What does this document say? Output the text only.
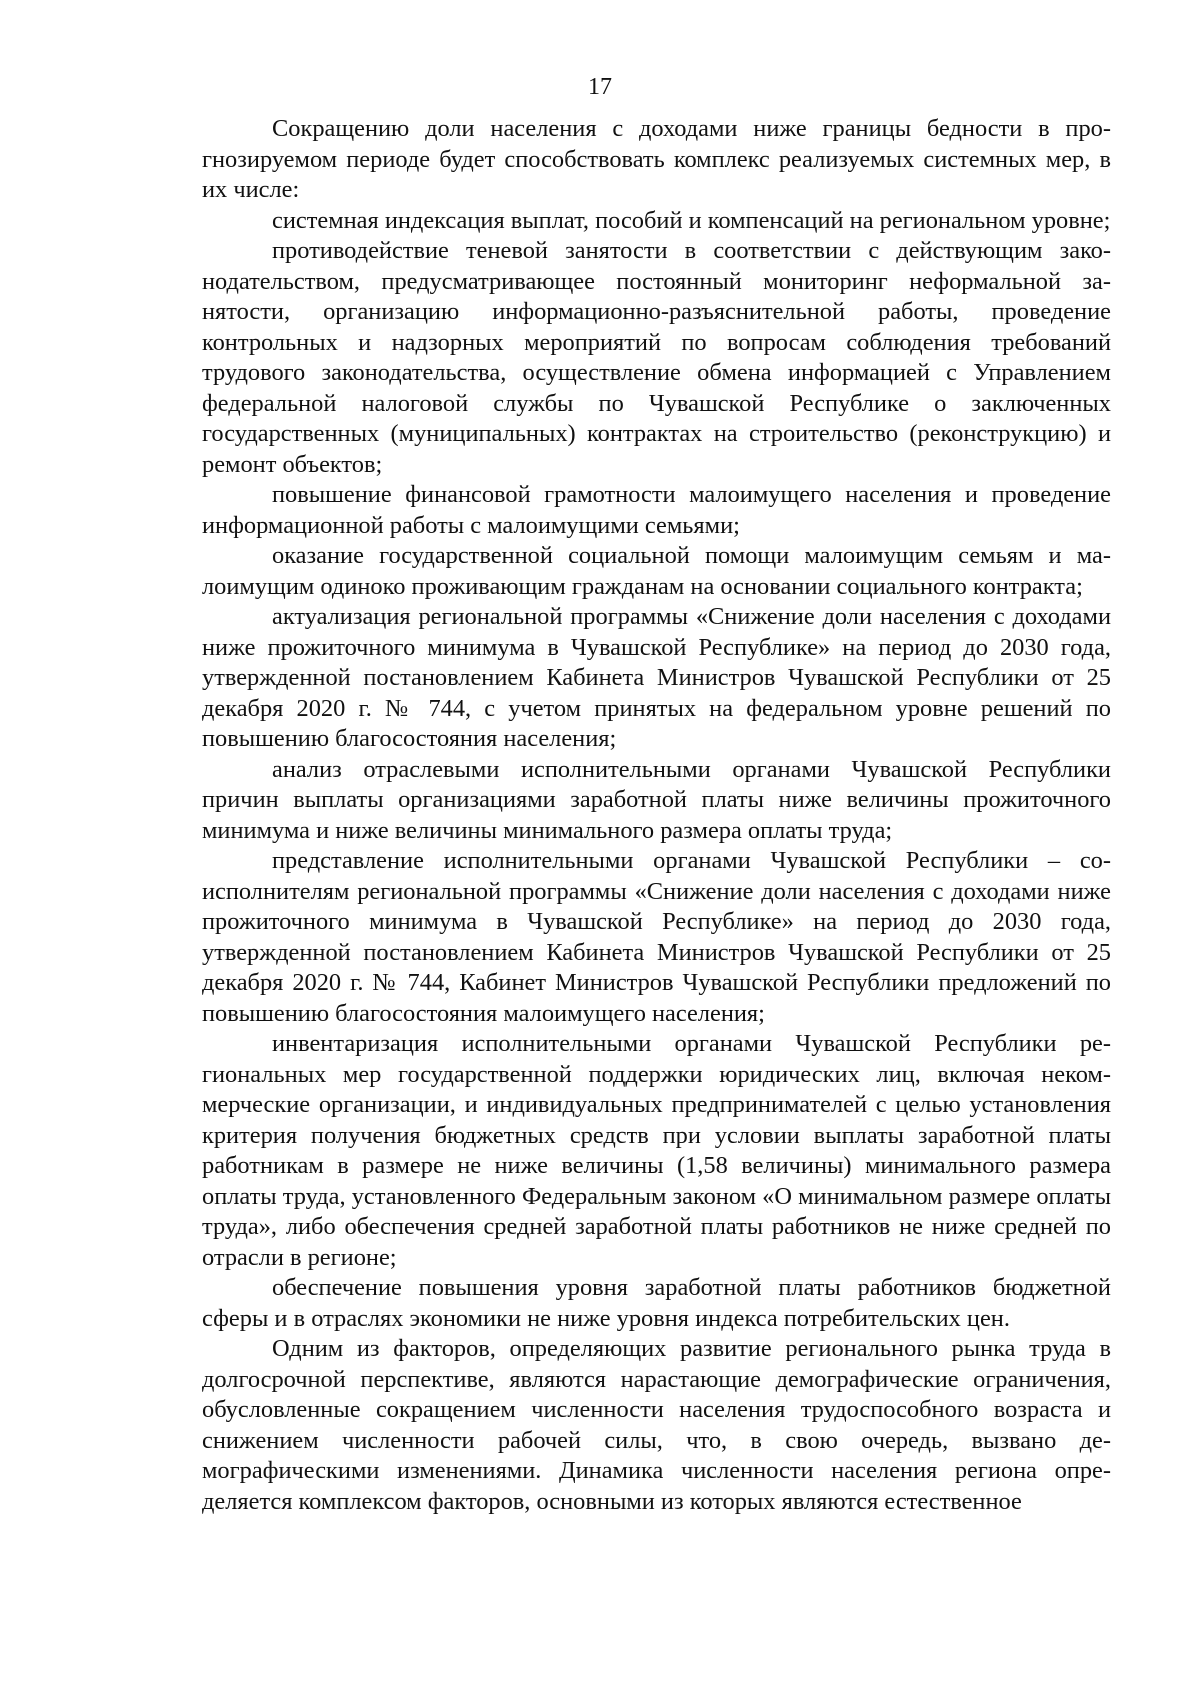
17

Сокращению доли населения с доходами ниже границы бедности в прогнозируемом периоде будет способствовать комплекс реализуемых системных мер, в их числе:

системная индексация выплат, пособий и компенсаций на региональном уровне;

противодействие теневой занятости в соответствии с действующим законодательством, предусматривающее постоянный мониторинг неформальной занятости, организацию информационно-разъяснительной работы, проведение контрольных и надзорных мероприятий по вопросам соблюдения требований трудового законодательства, осуществление обмена информацией с Управлением федеральной налоговой службы по Чувашской Республике о заключенных государственных (муниципальных) контрактах на строительство (реконструкцию) и ремонт объектов;

повышение финансовой грамотности малоимущего населения и проведение информационной работы с малоимущими семьями;

оказание государственной социальной помощи малоимущим семьям и малоимущим одиноко проживающим гражданам на основании социального контракта;

актуализация региональной программы «Снижение доли населения с доходами ниже прожиточного минимума в Чувашской Республике» на период до 2030 года, утвержденной постановлением Кабинета Министров Чувашской Республики от 25 декабря 2020 г. № 744, с учетом принятых на федеральном уровне решений по повышению благосостояния населения;

анализ отраслевыми исполнительными органами Чувашской Республики причин выплаты организациями заработной платы ниже величины прожиточного минимума и ниже величины минимального размера оплаты труда;

представление исполнительными органами Чувашской Республики – соисполнителям региональной программы «Снижение доли населения с доходами ниже прожиточного минимума в Чувашской Республике» на период до 2030 года, утвержденной постановлением Кабинета Министров Чувашской Республики от 25 декабря 2020 г. № 744, Кабинет Министров Чувашской Республики предложений по повышению благосостояния малоимущего населения;

инвентаризация исполнительными органами Чувашской Республики региональных мер государственной поддержки юридических лиц, включая некоммерческие организации, и индивидуальных предпринимателей с целью установления критерия получения бюджетных средств при условии выплаты заработной платы работникам в размере не ниже величины (1,58 величины) минимального размера оплаты труда, установленного Федеральным законом «О минимальном размере оплаты труда», либо обеспечения средней заработной платы работников не ниже средней по отрасли в регионе;

обеспечение повышения уровня заработной платы работников бюджетной сферы и в отраслях экономики не ниже уровня индекса потребительских цен.

Одним из факторов, определяющих развитие регионального рынка труда в долгосрочной перспективе, являются нарастающие демографические ограничения, обусловленные сокращением численности населения трудоспособного возраста и снижением численности рабочей силы, что, в свою очередь, вызвано демографическими изменениями. Динамика численности населения региона определяется комплексом факторов, основными из которых являются естественное
